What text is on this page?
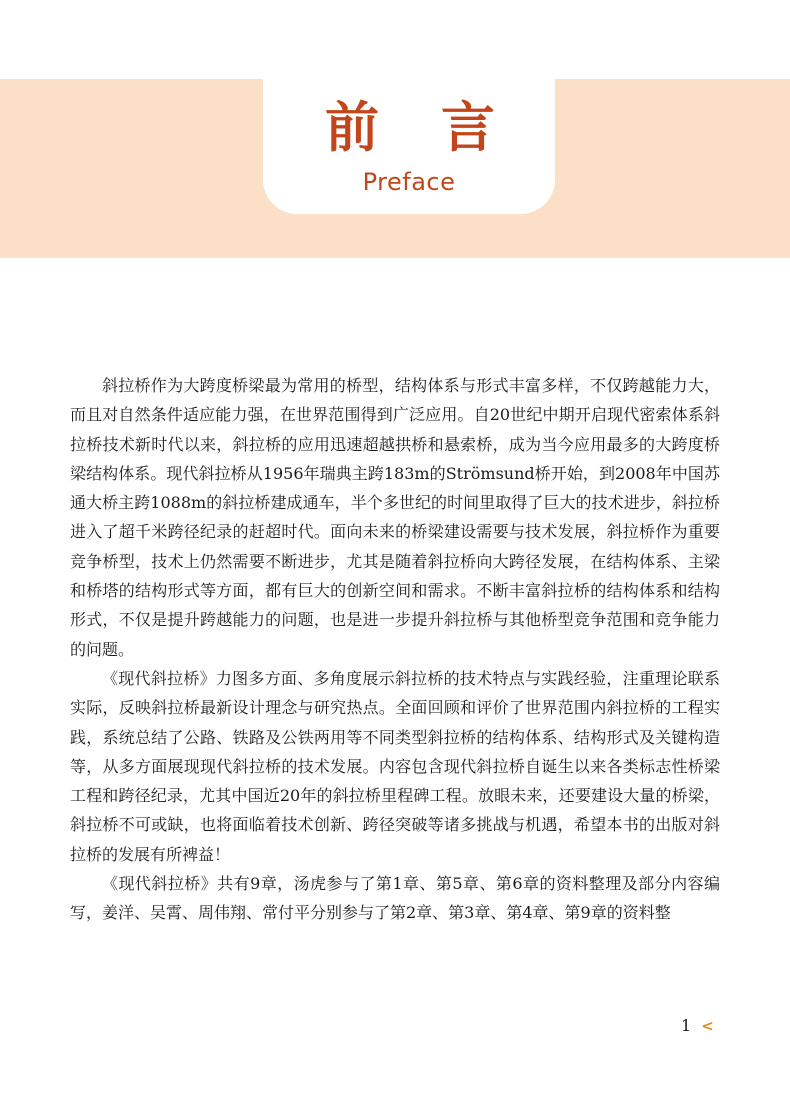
前言
Preface

斜拉桥作为大跨度桥梁最为常用的桥型，结构体系与形式丰富多样，不仅跨越能力大，而且对自然条件适应能力强，在世界范围得到广泛应用。自20世纪中期开启现代密索体系斜拉桥技术新时代以来，斜拉桥的应用迅速超越拱桥和悬索桥，成为当今应用最多的大跨度桥梁结构体系。现代斜拉桥从1956年瑞典主跨183m的Strömsund桥开始，到2008年中国苏通大桥主跨1088m的斜拉桥建成通车，半个多世纪的时间里取得了巨大的技术进步，斜拉桥进入了超千米跨径纪录的赶超时代。面向未来的桥梁建设需要与技术发展，斜拉桥作为重要竞争桥型，技术上仍然需要不断进步，尤其是随着斜拉桥向大跨径发展，在结构体系、主梁和桥塔的结构形式等方面，都有巨大的创新空间和需求。不断丰富斜拉桥的结构体系和结构形式，不仅是提升跨越能力的问题，也是进一步提升斜拉桥与其他桥型竞争范围和竞争能力的问题。

《现代斜拉桥》力图多方面、多角度展示斜拉桥的技术特点与实践经验，注重理论联系实际，反映斜拉桥最新设计理念与研究热点。全面回顾和评价了世界范围内斜拉桥的工程实践，系统总结了公路、铁路及公铁两用等不同类型斜拉桥的结构体系、结构形式及关键构造等，从多方面展现现代斜拉桥的技术发展。内容包含现代斜拉桥自诞生以来各类标志性桥梁工程和跨径纪录，尤其中国近20年的斜拉桥里程碑工程。放眼未来，还要建设大量的桥梁，斜拉桥不可或缺，也将面临着技术创新、跨径突破等诸多挑战与机遇，希望本书的出版对斜拉桥的发展有所裨益！

《现代斜拉桥》共有9章，汤虎参与了第1章、第5章、第6章的资料整理及部分内容编写，姜洋、吴霄、周伟翔、常付平分别参与了第2章、第3章、第4章、第9章的资料整

1 <
